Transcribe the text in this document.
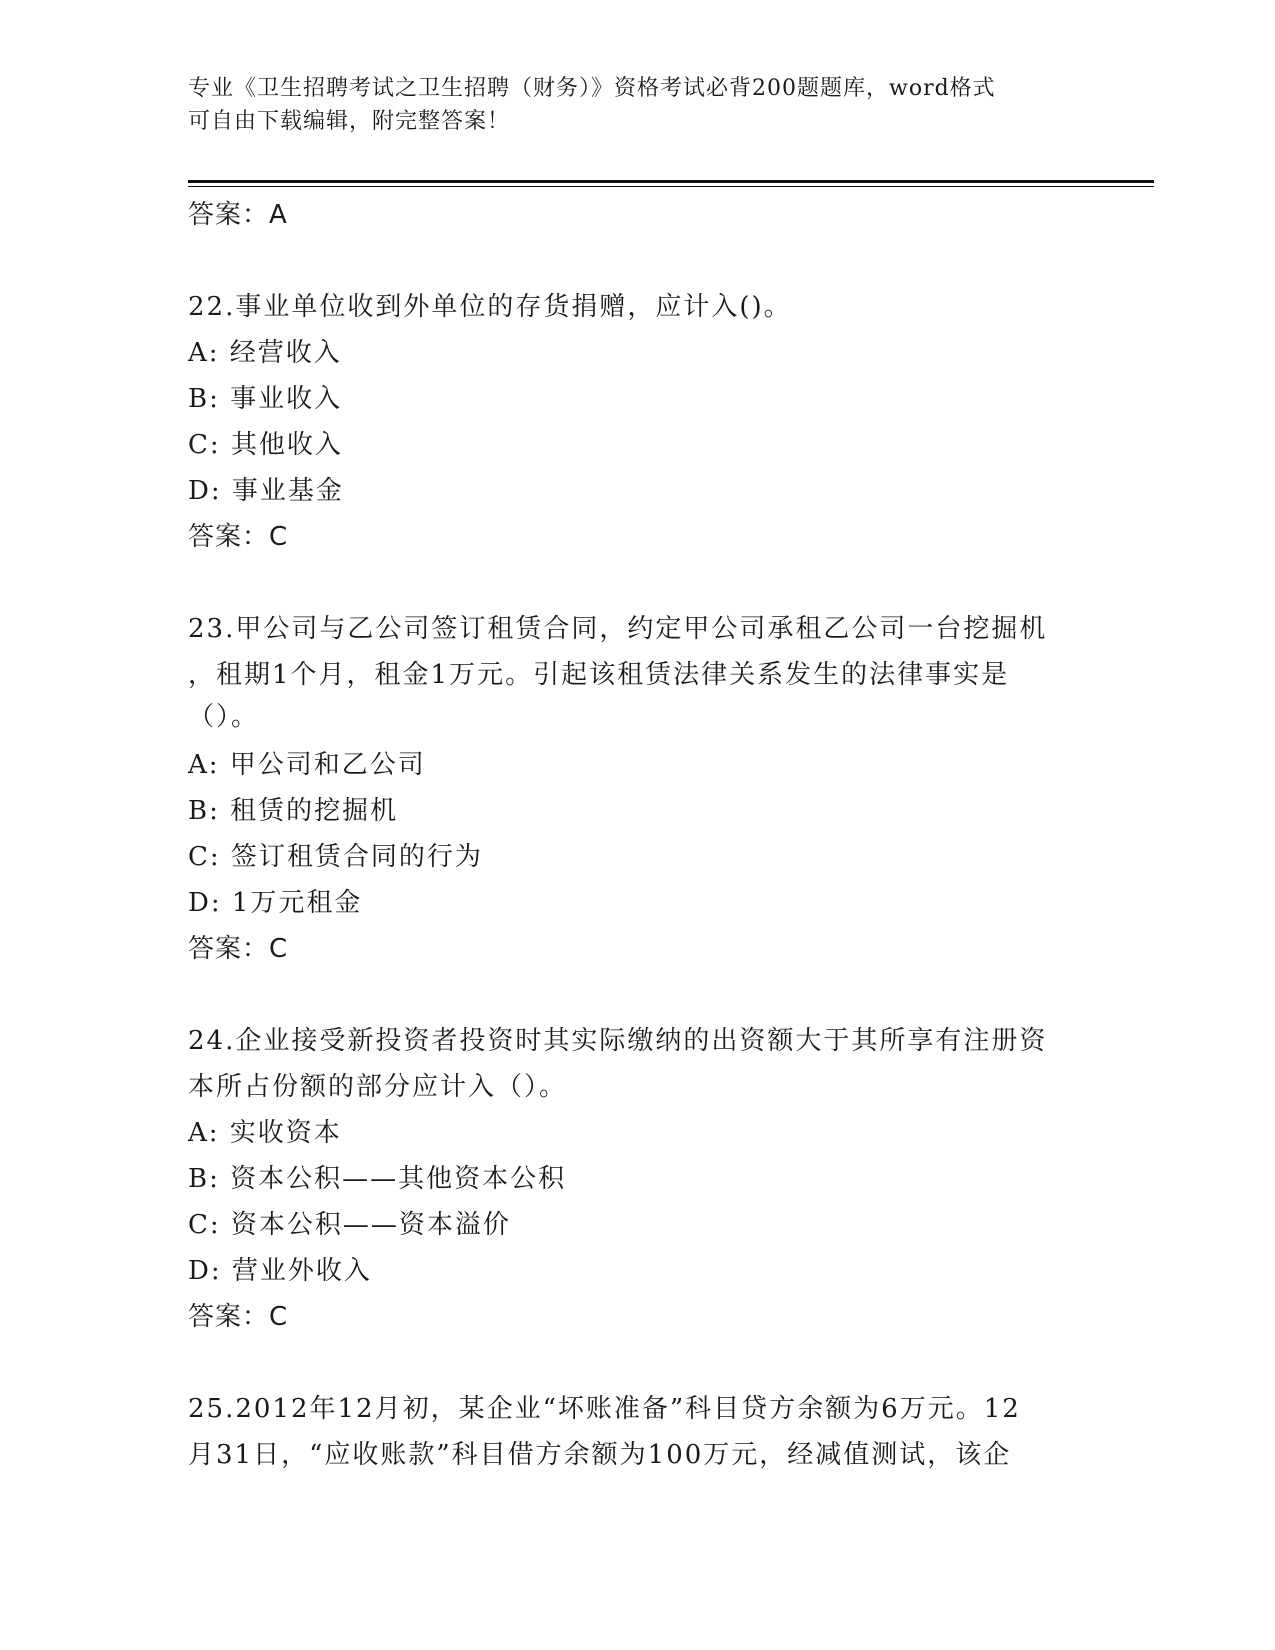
专业《卫生招聘考试之卫生招聘（财务）》资格考试必背200题题库，word格式
可自由下载编辑，附完整答案！
答案：A
22.事业单位收到外单位的存货捐赠，应计入()。
A: 经营收入
B: 事业收入
C: 其他收入
D: 事业基金
答案：C
23.甲公司与乙公司签订租赁合同，约定甲公司承租乙公司一台挖掘机
，租期1个月，租金1万元。引起该租赁法律关系发生的法律事实是
（）。
A: 甲公司和乙公司
B: 租赁的挖掘机
C: 签订租赁合同的行为
D: 1万元租金
答案：C
24.企业接受新投资者投资时其实际缴纳的出资额大于其所享有注册资
本所占份额的部分应计入（）。
A: 实收资本
B: 资本公积——其他资本公积
C: 资本公积——资本溢价
D: 营业外收入
答案：C
25.2012年12月初，某企业“坏账准备”科目贷方余额为6万元。12
月31日，“应收账款”科目借方余额为100万元，经减值测试，该企
